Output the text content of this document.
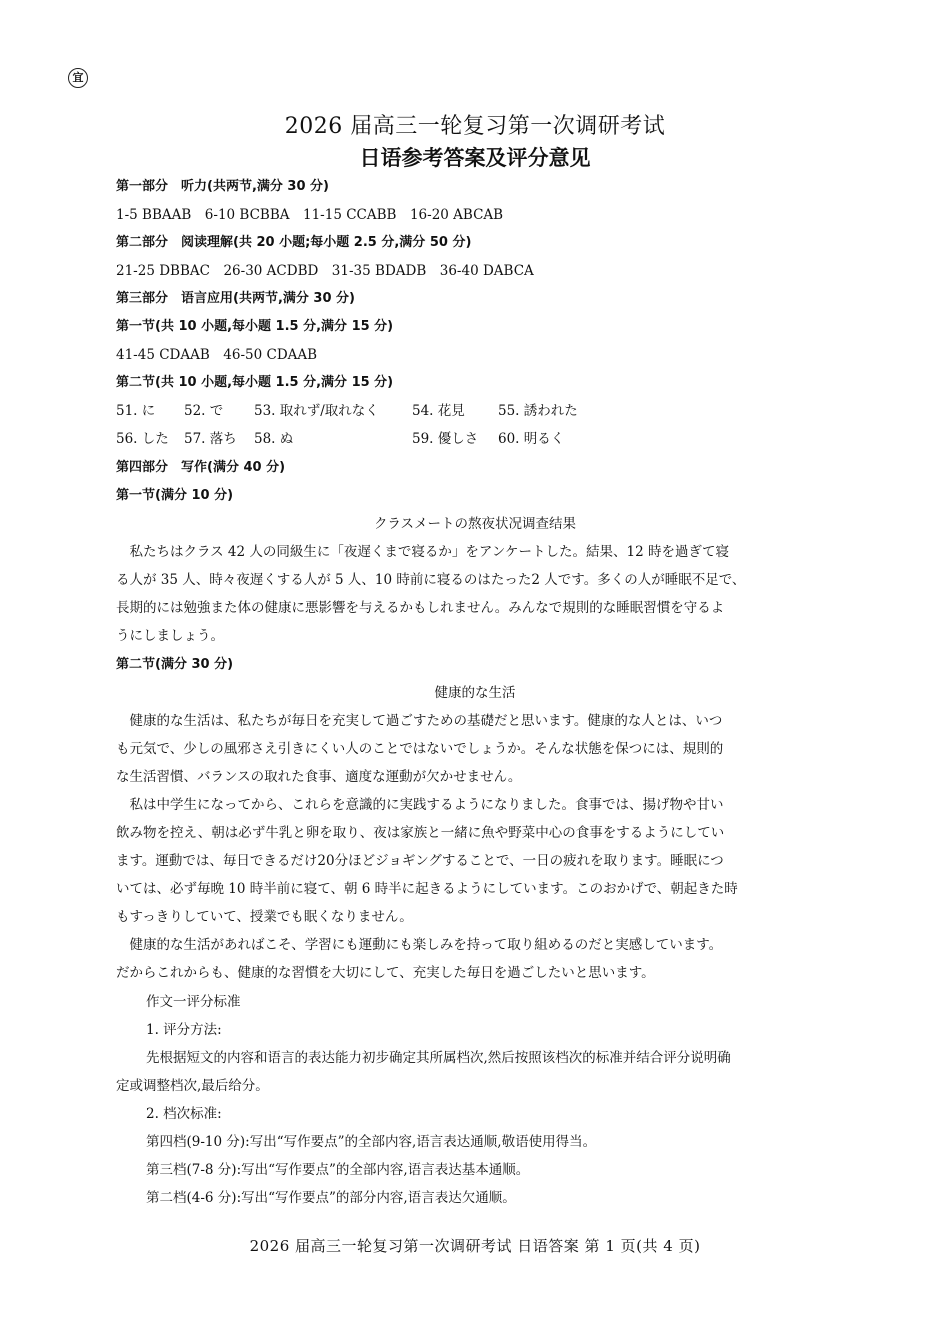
宜
2026 届高三一轮复习第一次调研考试
日语参考答案及评分意见
第一部分　听力(共两节,满分 30 分)
1-5 BBAAB　6-10 BCBBA　11-15 CCABB　16-20 ABCAB
第二部分　阅读理解(共 20 小题;每小题 2.5 分,满分 50 分)
21-25 DBBAC　26-30 ACDBD　31-35 BDADB　36-40 DABCA
第三部分　语言应用(共两节,满分 30 分)
第一节(共 10 小题,每小题 1.5 分,满分 15 分)
41-45 CDAAB　46-50 CDAAB
第二节(共 10 小题,每小题 1.5 分,满分 15 分)
51. に 52. で 53. 取れず/取れなく 54. 花見 55. 誘われた
56. した 57. 落ち 58. ぬ	59. 優しさ 60. 明るく
第四部分　写作(满分 40 分)
第一节(满分 10 分)
クラスメートの熬夜状况调查结果
　私たちはクラス 42 人の同級生に「夜遅くまで寝るか」をアンケートした。結果、12 時を過ぎて寝
る人が 35 人、時々夜遅くする人が 5 人、10 時前に寝るのはたった2 人です。多くの人が睡眠不足で、
長期的には勉強また体の健康に悪影響を与えるかもしれません。みんなで規則的な睡眠習慣を守るよ
うにしましょう。
第二节(满分 30 分)
健康的な生活
　健康的な生活は、私たちが毎日を充実して過ごすための基礎だと思います。健康的な人とは、いつ
も元気で、少しの風邪さえ引きにくい人のことではないでしょうか。そんな状態を保つには、規則的
な生活習慣、バランスの取れた食事、適度な運動が欠かせません。
　私は中学生になってから、これらを意識的に実践するようになりました。食事では、揚げ物や甘い
飲み物を控え、朝は必ず牛乳と卵を取り、夜は家族と一緒に魚や野菜中心の食事をするようにしてい
ます。運動では、毎日できるだけ20分ほどジョギングすることで、一日の疲れを取ります。睡眠につ
いては、必ず毎晩 10 時半前に寝て、朝 6 時半に起きるようにしています。このおかげで、朝起きた時
もすっきりしていて、授業でも眠くなりません。
　健康的な生活があればこそ、学習にも運動にも楽しみを持って取り組めるのだと実感しています。
だからこれからも、健康的な習慣を大切にして、充実した毎日を過ごしたいと思います。
作文一评分标准
1. 评分方法:
先根据短文的内容和语言的表达能力初步确定其所属档次,然后按照该档次的标准并结合评分说明确
定或调整档次,最后给分。
2. 档次标准:
第四档(9-10 分):写出“写作要点”的全部内容,语言表达通顺,敬语使用得当。
第三档(7-8 分):写出“写作要点”的全部内容,语言表达基本通顺。
第二档(4-6 分):写出“写作要点”的部分内容,语言表达欠通顺。
2026 届高三一轮复习第一次调研考试 日语答案 第 1 页(共 4 页)
